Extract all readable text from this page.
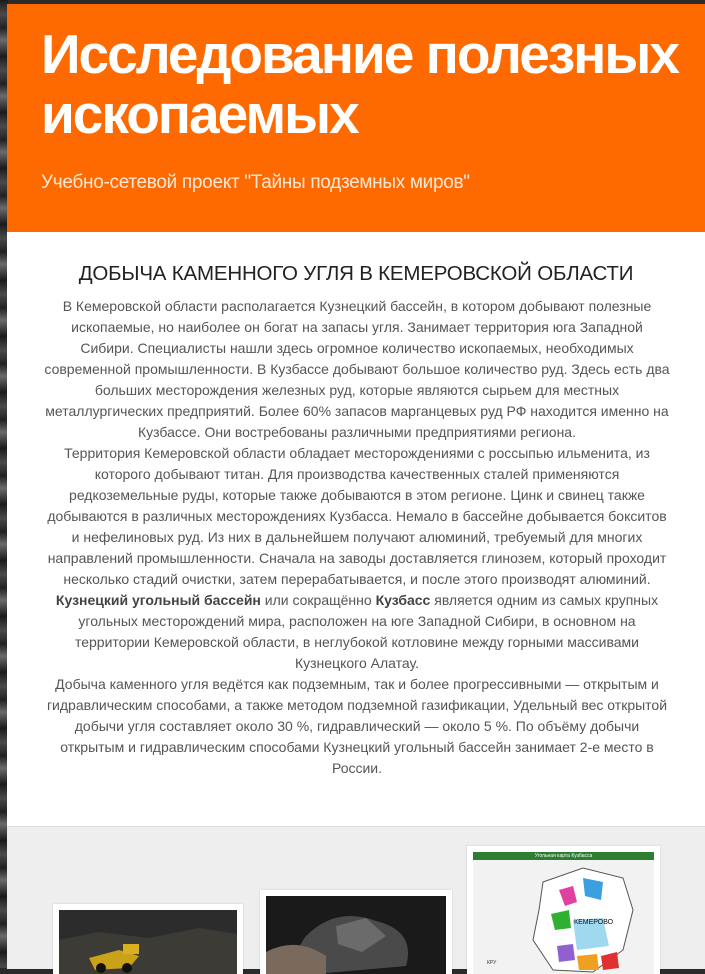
Исследование полезных ископаемых
Учебно-сетевой проект "Тайны подземных миров"
ДОБЫЧА КАМЕННОГО УГЛЯ В КЕМЕРОВСКОЙ ОБЛАСТИ

В Кемеровской области располагается Кузнецкий бассейн, в котором добывают полезные ископаемые, но наиболее он богат на запасы угля. Занимает территория юга Западной Сибири. Специалисты нашли здесь огромное количество ископаемых, необходимых современной промышленности. В Кузбассе добывают большое количество руд. Здесь есть два больших месторождения железных руд, которые являются сырьем для местных металлургических предприятий. Более 60% запасов марганцевых руд РФ находится именно на Кузбассе. Они востребованы различными предприятиями региона.

Территория Кемеровской области обладает месторождениями с россыпью ильменита, из которого добывают титан. Для производства качественных сталей применяются редкоземельные руды, которые также добываются в этом регионе. Цинк и свинец также добываются в различных месторождениях Кузбасса. Немало в бассейне добывается бокситов и нефелиновых руд. Из них в дальнейшем получают алюминий, требуемый для многих направлений промышленности. Сначала на заводы доставляется глинозем, который проходит несколько стадий очистки, затем перерабатывается, и после этого производят алюминий.

Кузнецкий угольный бассейн или сокращённо Кузбасс является одним из самых крупных угольных месторождений мира, расположен на юге Западной Сибири, в основном на территории Кемеровской области, в неглубокой котловине между горными массивами Кузнецкого Алатау.

Добыча каменного угля ведётся как подземным, так и более прогрессивными — открытым и гидравлическим способами, а также методом подземной газификации, Удельный вес открытой добычи угля составляет около 30 %, гидравлический — около 5 %. По объёму добычи открытым и гидравлическим способами Кузнецкий угольный бассейн занимает 2-е место в России.

Угольная карта Кузбасса
КЕМЕРОВО
КРУ
